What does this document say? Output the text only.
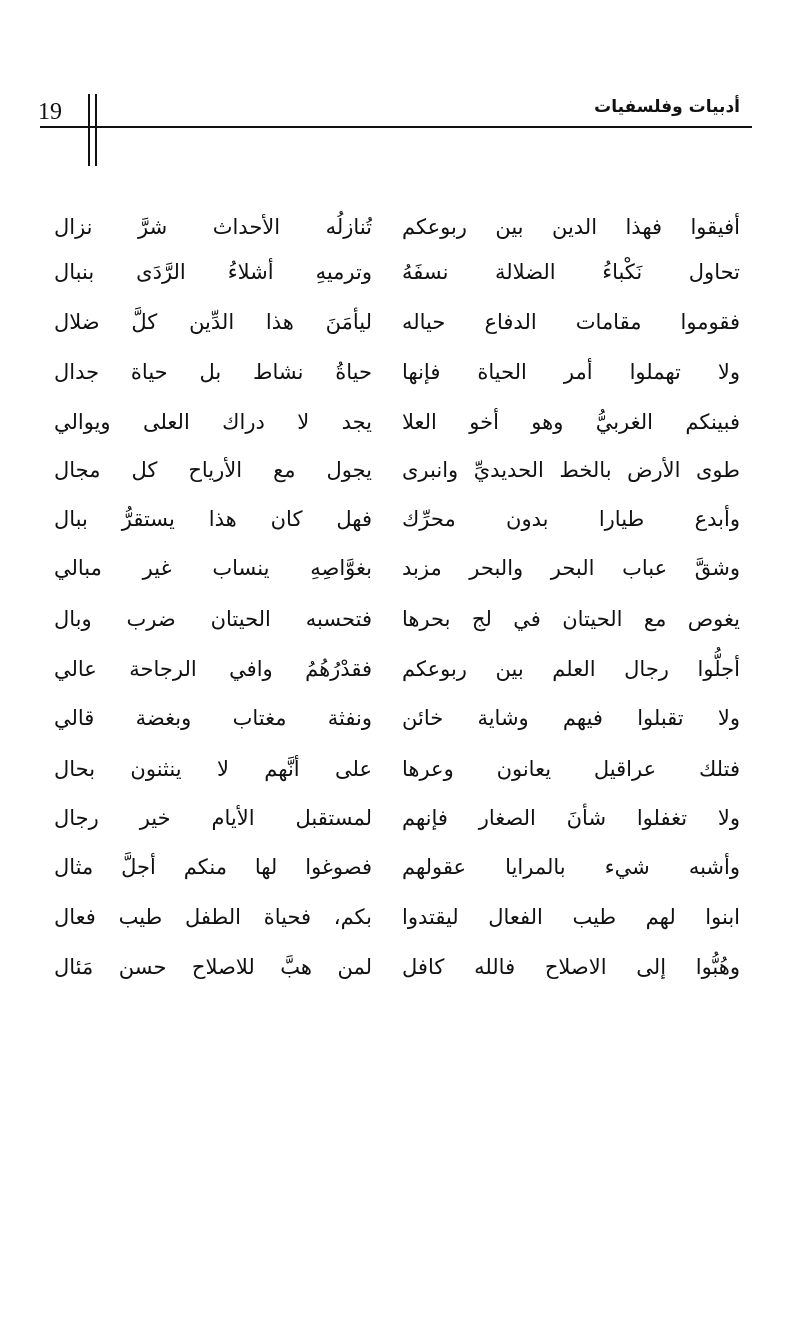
19	أدبيات وفلسفيات
أفيقوا فهذا الدين بين ربوعكم
تُنازلُه الأحداث شرَّ نزال
تحاول نَكْباءُ الضلالة نسفَهُ
وترميهِ أشلاءُ الرَّدَى بنبال
فقوموا مقامات الدفاع حياله
ليأمَنَ هذا الدِّين كلَّ ضلال
ولا تهملوا أمر الحياة فإنها
حياةُ نشاط بل حياة جدال
فبينكم الغربيُّ وهو أخو العلا
يجد لا دراك العلى ويوالي
طوى الأرض بالخط الحديديِّ وانبرى
يجول مع الأرياح كل مجال
وأبدع طيارا بدون محرِّك
فهل كان هذا يستقرُّ ببال
وشقَّ عباب البحر والبحر مزبد
بغوَّاصِهِ ينساب غير مبالي
يغوص مع الحيتان في لج بحرها
فتحسبه الحيتان ضرب وبال
أجلُّوا رجال العلم بين ربوعكم
فقدْرُهُمُ وافي الرجاحة عالي
ولا تقبلوا فيهم وشاية خائن
ونفثة مغتاب وبغضة قالي
فتلك عراقيل يعانون وعرها
على أنَّهم لا ينثنون بحال
ولا تغفلوا شأنَ الصغار فإنهم
لمستقبل الأيام خير رجال
وأشبه شيء بالمرايا عقولهم
فصوغوا لها منكم أجلَّ مثال
ابنوا لهم طيب الفعال ليقتدوا
بكم، فحياة الطفل طيب فعال
وهُبُّوا إلى الاصلاح فالله كافل
لمن هبَّ للاصلاح حسن مَئال
